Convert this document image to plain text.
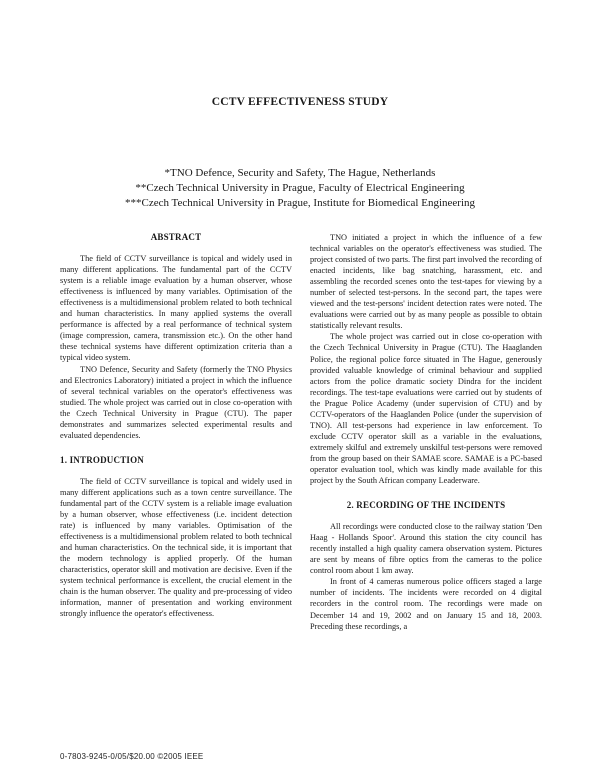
CCTV EFFECTIVENESS STUDY
*TNO Defence, Security and Safety, The Hague, Netherlands
**Czech Technical University in Prague, Faculty of Electrical Engineering
***Czech Technical University in Prague, Institute for Biomedical Engineering
ABSTRACT

The field of CCTV surveillance is topical and widely used in many different applications. The fundamental part of the CCTV system is a reliable image evaluation by a human observer, whose effectiveness is influenced by many variables. Optimisation of the effectiveness is a multidimensional problem related to both technical and human characteristics. In many applied systems the overall performance is affected by a real performance of technical system (image compression, camera, transmission etc.). On the other hand these technical systems have different optimization criteria than a typical video system.

TNO Defence, Security and Safety (formerly the TNO Physics and Electronics Laboratory) initiated a project in which the influence of several technical variables on the operator's effectiveness was studied. The whole project was carried out in close co-operation with the Czech Technical University in Prague (CTU). The paper demonstrates and summarizes selected experimental results and evaluated dependencies.

1. INTRODUCTION

The field of CCTV surveillance is topical and widely used in many different applications such as a town centre surveillance. The fundamental part of the CCTV system is a reliable image evaluation by a human observer, whose effectiveness (i.e. incident detection rate) is influenced by many variables. Optimisation of the effectiveness is a multidimensional problem related to both technical and human characteristics. On the technical side, it is important that the modern technology is applied properly. Of the human characteristics, operator skill and motivation are decisive. Even if the system technical performance is excellent, the crucial element in the chain is the human observer. The quality and pre-processing of video information, manner of presentation and working environment strongly influence the operator's effectiveness.

TNO initiated a project in which the influence of a few technical variables on the operator's effectiveness was studied. The project consisted of two parts. The first part involved the recording of enacted incidents, like bag snatching, harassment, etc. and assembling the recorded scenes onto the test-tapes for viewing by a number of selected test-persons. In the second part, the tapes were viewed and the test-persons' incident detection rates were noted. The evaluations were carried out by as many people as possible to obtain statistically relevant results.

The whole project was carried out in close co-operation with the Czech Technical University in Prague (CTU). The Haaglanden Police, the regional police force situated in The Hague, generously provided valuable knowledge of criminal behaviour and supplied actors from the police dramatic society Dindra for the incident recordings. The test-tape evaluations were carried out by students of the Prague Police Academy (under supervision of CTU) and by CCTV-operators of the Haaglanden Police (under the supervision of TNO). All test-persons had experience in law enforcement. To exclude CCTV operator skill as a variable in the evaluations, extremely skilful and extremely unskilful test-persons were removed from the group based on their SAMAE score. SAMAE is a PC-based operator evaluation tool, which was kindly made available for this project by the South African company Leaderware.

2. RECORDING OF THE INCIDENTS

All recordings were conducted close to the railway station 'Den Haag - Hollands Spoor'. Around this station the city council has recently installed a high quality camera observation system. Pictures are sent by means of fibre optics from the cameras to the police control room about 1 km away.

In front of 4 cameras numerous police officers staged a large number of incidents. The incidents were recorded on 4 digital recorders in the control room. The recordings were made on December 14 and 19, 2002 and on January 15 and 18, 2003. Preceding these recordings, a

0-7803-9245-0/05/$20.00 ©2005 IEEE
